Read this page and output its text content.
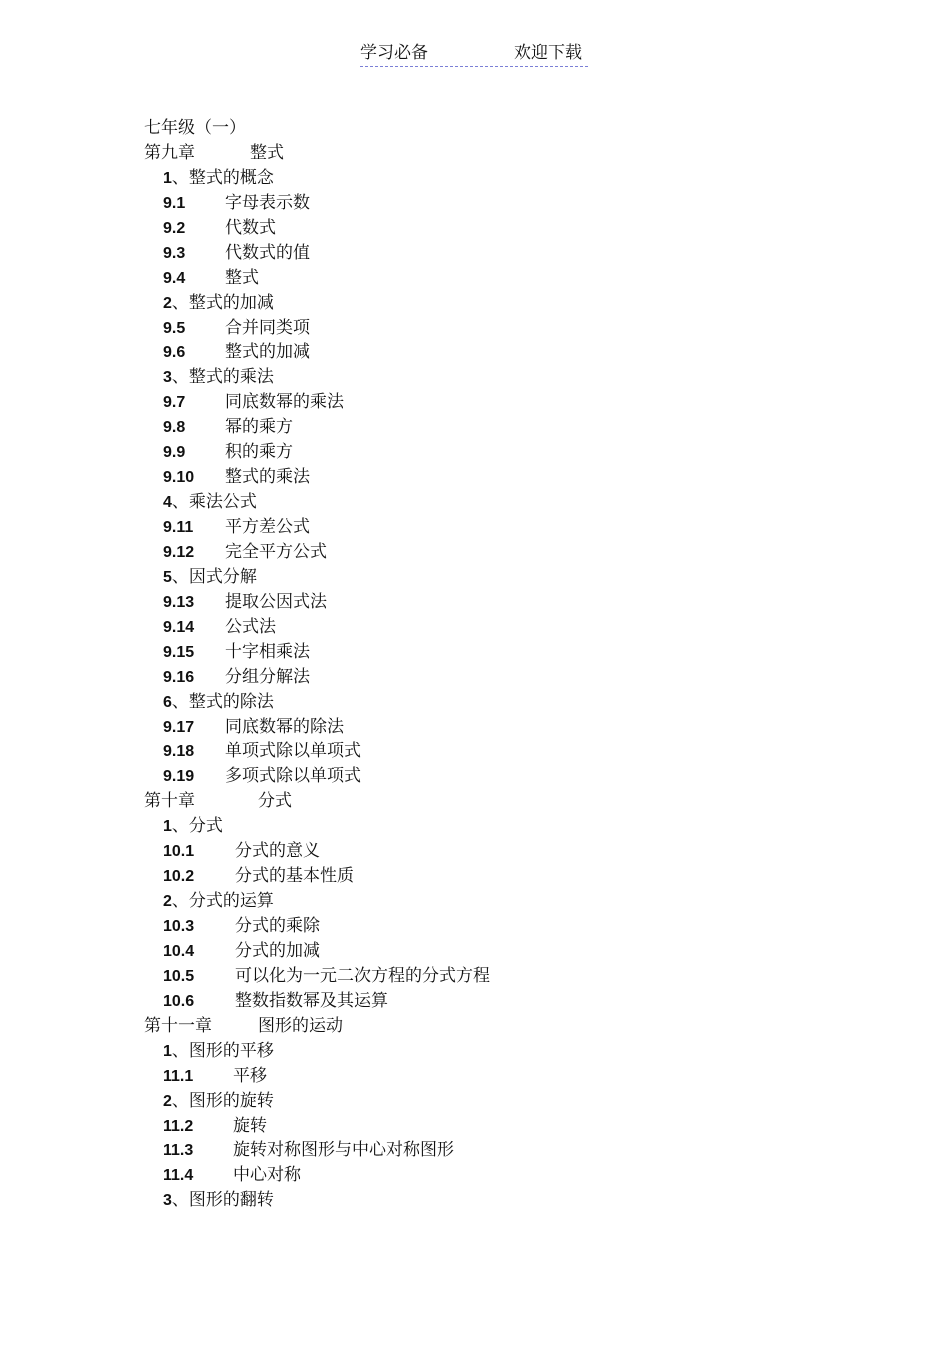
学习必备	欢迎下载
七年级（一）
第九章	整式
1、整式的概念
9.1 字母表示数
9.2 代数式
9.3 代数式的值
9.4 整式
2、整式的加减
9.5 合并同类项
9.6 整式的加减
3、整式的乘法
9.7 同底数幂的乘法
9.8 幂的乘方
9.9 积的乘方
9.10 整式的乘法
4、乘法公式
9.11 平方差公式
9.12 完全平方公式
5、因式分解
9.13 提取公因式法
9.14 公式法
9.15 十字相乘法
9.16 分组分解法
6、整式的除法
9.17 同底数幂的除法
9.18 单项式除以单项式
9.19 多项式除以单项式
第十章	分式
1、分式
10.1 分式的意义
10.2 分式的基本性质
2、分式的运算
10.3 分式的乘除
10.4 分式的加减
10.5 可以化为一元二次方程的分式方程
10.6 整数指数幂及其运算
第十一章	图形的运动
1、图形的平移
11.1 平移
2、图形的旋转
11.2 旋转
11.3 旋转对称图形与中心对称图形
11.4 中心对称
3、图形的翻转
